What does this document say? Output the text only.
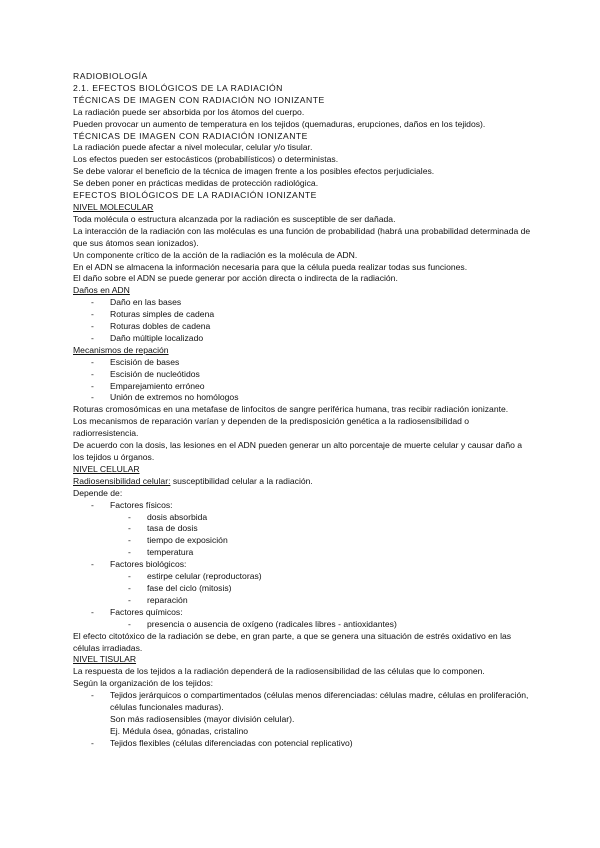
RADIOBIOLOGÍA
2.1. EFECTOS BIOLÓGICOS DE LA RADIACIÓN
TÉCNICAS DE IMAGEN CON RADIACIÓN NO IONIZANTE
La radiación puede ser absorbida por los átomos del cuerpo.
Pueden provocar un aumento de temperatura en los tejidos (quemaduras, erupciones, daños en los tejidos).
TÉCNICAS DE IMAGEN CON RADIACIÓN IONIZANTE
La radiación puede afectar a nivel molecular, celular y/o tisular.
Los efectos pueden ser estocásticos (probabilísticos) o deterministas.
Se debe valorar el beneficio de la técnica de imagen frente a los posibles efectos perjudiciales.
Se deben poner en prácticas medidas de protección radiológica.
EFECTOS BIOLÓGICOS DE LA RADIACIÓN IONIZANTE
NIVEL MOLECULAR
Toda molécula o estructura alcanzada por la radiación es susceptible de ser dañada.
La interacción de la radiación con las moléculas es una función de probabilidad (habrá una probabilidad determinada de que sus átomos sean ionizados).
Un componente crítico de la acción de la radiación es la molécula de ADN.
En el ADN se almacena la información necesaria para que la célula pueda realizar todas sus funciones.
El daño sobre el ADN se puede generar por acción directa o indirecta de la radiación.
Daños en ADN
- Daño en las bases
- Roturas simples de cadena
- Roturas dobles de cadena
- Daño múltiple localizado
Mecanismos de repación
- Escisión de bases
- Escisión de nucleótidos
- Emparejamiento erróneo
- Unión de extremos no homólogos
Roturas cromosómicas en una metafase de linfocitos de sangre periférica humana, tras recibir radiación ionizante.
Los mecanismos de reparación varían y dependen de la predisposición genética a la radiosensibilidad o radiorresistencia.
De acuerdo con la dosis, las lesiones en el ADN pueden generar un alto porcentaje de muerte celular y causar daño a los tejidos u órganos.
NIVEL CELULAR
Radiosensibilidad celular: susceptibilidad celular a la radiación.
Depende de:
- Factores físicos:
- dosis absorbida
- tasa de dosis
- tiempo de exposición
- temperatura
- Factores biológicos:
- estirpe celular (reproductoras)
- fase del ciclo (mitosis)
- reparación
- Factores químicos:
- presencia o ausencia de oxígeno (radicales libres - antioxidantes)
El efecto citotóxico de la radiación se debe, en gran parte, a que se genera una situación de estrés oxidativo en las células irradiadas.
NIVEL TISULAR
La respuesta de los tejidos a la radiación dependerá de la radiosensibilidad de las células que lo componen.
Según la organización de los tejidos:
- Tejidos jerárquicos o compartimentados (células menos diferenciadas: células madre, células en proliferación, células funcionales maduras).
Son más radiosensibles (mayor división celular).
Ej. Médula ósea, gónadas, cristalino
- Tejidos flexibles (células diferenciadas con potencial replicativo)
